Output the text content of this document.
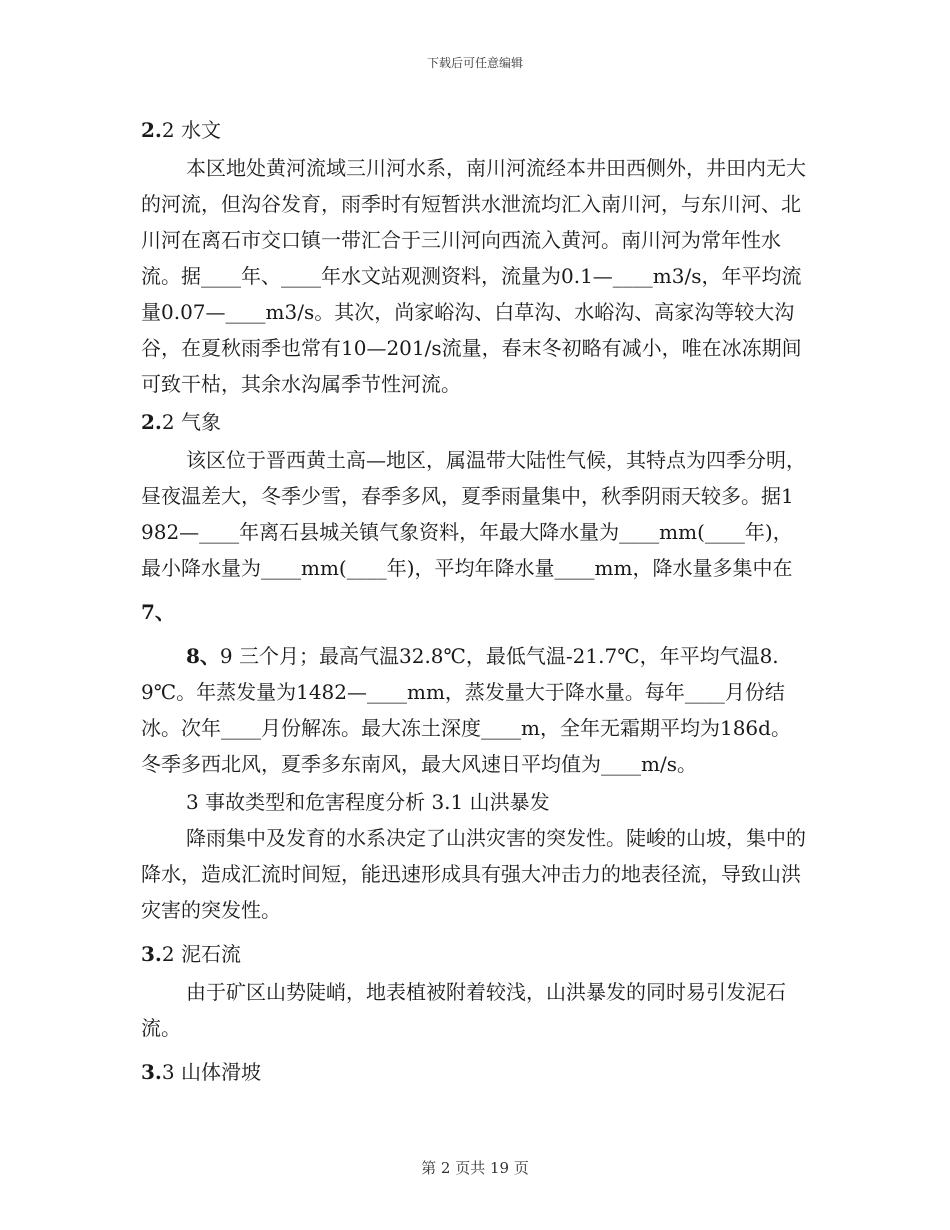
下载后可任意编辑

2.2 水文

本区地处黄河流域三川河水系，南川河流经本井田西侧外，井田内无大的河流，但沟谷发育，雨季时有短暂洪水泄流均汇入南川河，与东川河、北川河在离石市交口镇一带汇合于三川河向西流入黄河。南川河为常年性水流。据____年、____年水文站观测资料，流量为0.1—____m3/s，年平均流量0.07—____m3/s。其次，尚家峪沟、白草沟、水峪沟、高家沟等较大沟谷，在夏秋雨季也常有10—201/s流量，春末冬初略有减小，唯在冰冻期间可致干枯，其余水沟属季节性河流。

2.2 气象

该区位于晋西黄土高—地区，属温带大陆性气候，其特点为四季分明，昼夜温差大，冬季少雪，春季多风，夏季雨量集中，秋季阴雨天较多。据1982—____年离石县城关镇气象资料，年最大降水量为____mm(____年)，最小降水量为____mm(____年)，平均年降水量____mm，降水量多集中在

7、

8、9 三个月；最高气温32.8℃，最低气温-21.7℃，年平均气温8.9℃。年蒸发量为1482—____mm，蒸发量大于降水量。每年____月份结冰。次年____月份解冻。最大冻土深度____m，全年无霜期平均为186d。冬季多西北风，夏季多东南风，最大风速日平均值为____m/s。

3 事故类型和危害程度分析 3.1 山洪暴发

降雨集中及发育的水系决定了山洪灾害的突发性。陡峻的山坡，集中的降水，造成汇流时间短，能迅速形成具有强大冲击力的地表径流，导致山洪灾害的突发性。

3.2 泥石流

由于矿区山势陡峭，地表植被附着较浅，山洪暴发的同时易引发泥石流。

3.3 山体滑坡

第 2 页共 19 页
